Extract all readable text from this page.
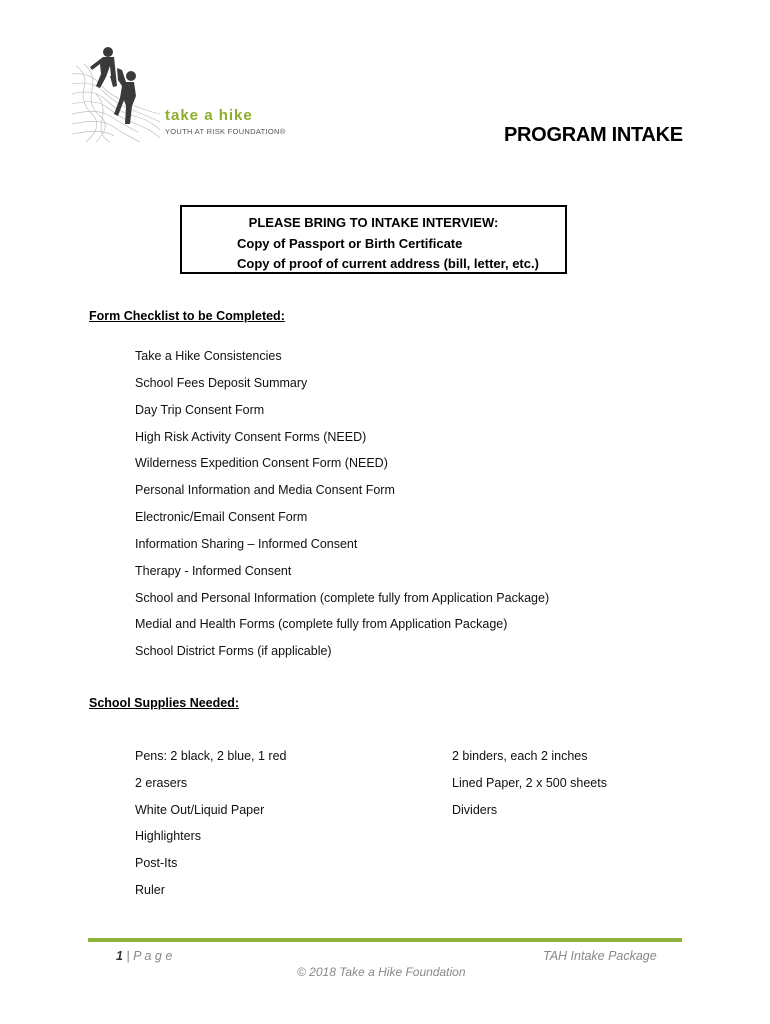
take a hike
YOUTH AT RISK FOUNDATION®	PROGRAM INTAKE
PLEASE BRING TO INTAKE INTERVIEW:
Copy of Passport or Birth Certificate
Copy of proof of current address (bill, letter, etc.)
Form Checklist to be Completed:
Take a Hike Consistencies
School Fees Deposit Summary
Day Trip Consent Form
High Risk Activity Consent Forms (NEED)
Wilderness Expedition Consent Form (NEED)
Personal Information and Media Consent Form
Electronic/Email Consent Form
Information Sharing – Informed Consent
Therapy - Informed Consent
School and Personal Information (complete fully from Application Package)
Medial and Health Forms (complete fully from Application Package)
School District Forms (if applicable)
School Supplies Needed:
Pens: 2 black, 2 blue, 1 red
2 erasers
White Out/Liquid Paper
Highlighters
Post-Its
Ruler
2 binders, each 2 inches
Lined Paper, 2 x 500 sheets
Dividers
1 | P a g e	TAH Intake Package
© 2018 Take a Hike Foundation
